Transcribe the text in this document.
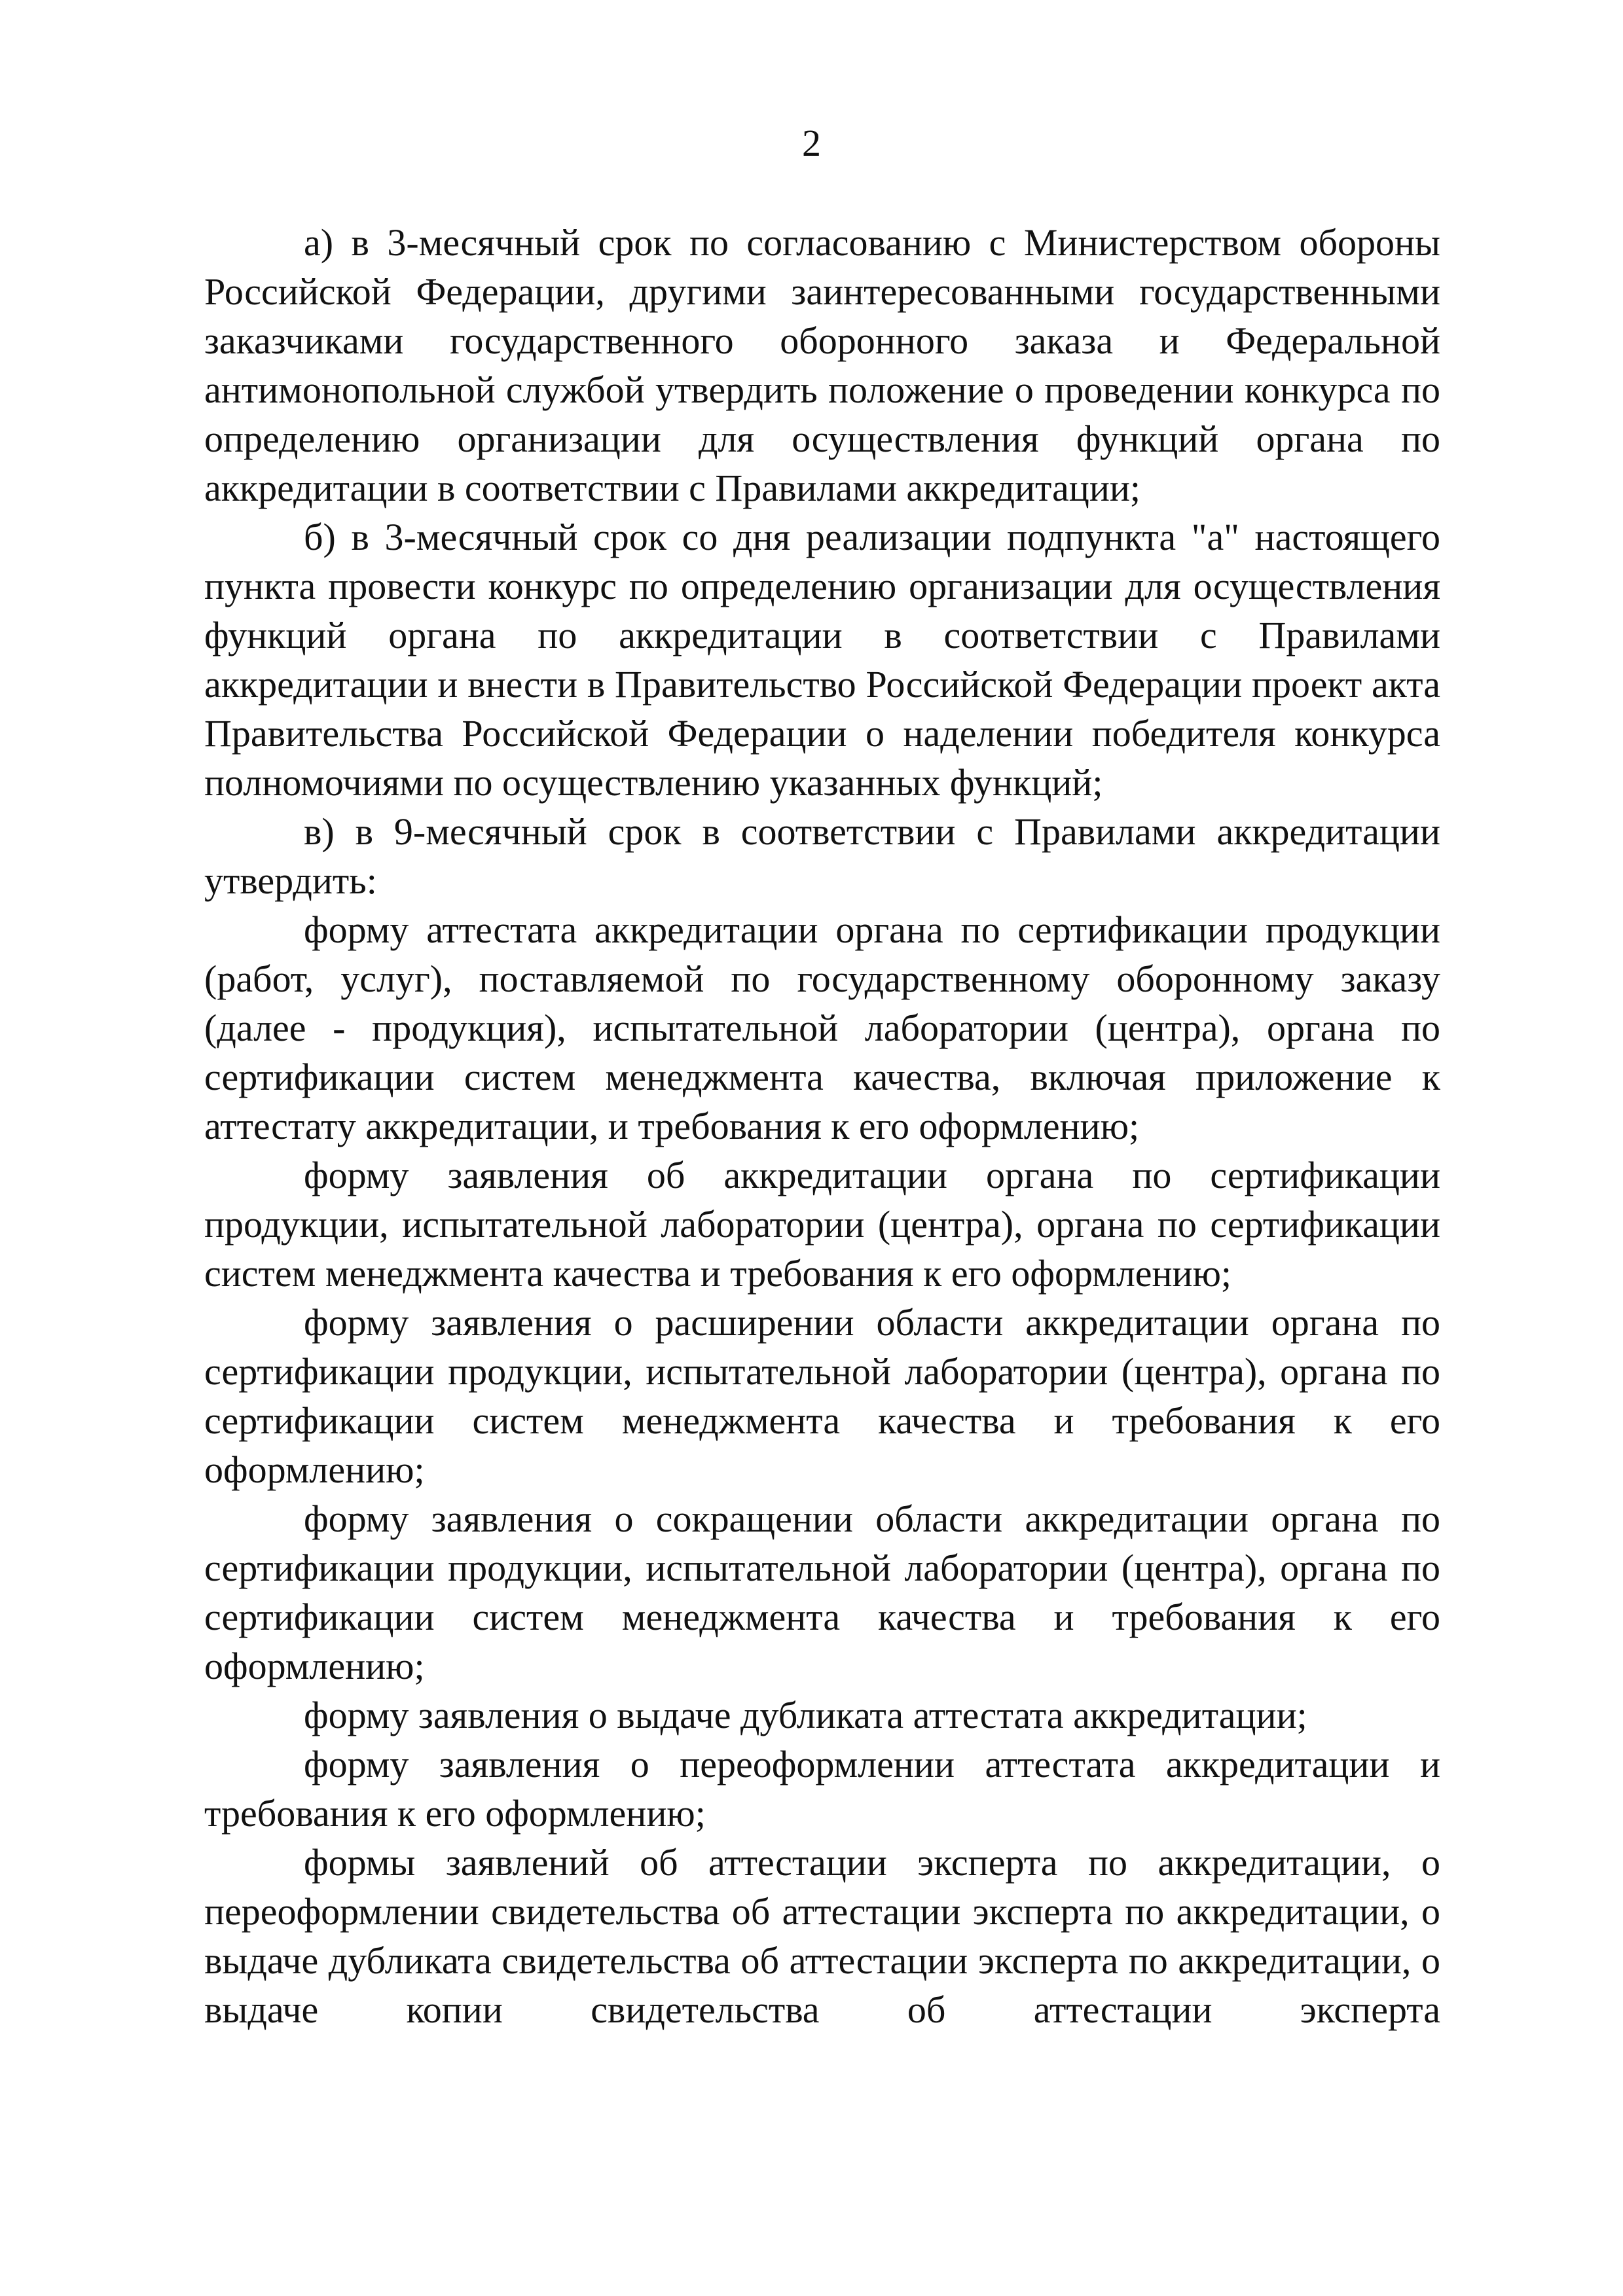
2

а) в 3-месячный срок по согласованию с Министерством обороны Российской Федерации, другими заинтересованными государственными заказчиками государственного оборонного заказа и Федеральной антимонопольной службой утвердить положение о проведении конкурса по определению организации для осуществления функций органа по аккредитации в соответствии с Правилами аккредитации;

б) в 3-месячный срок со дня реализации подпункта "а" настоящего пункта провести конкурс по определению организации для осуществления функций органа по аккредитации в соответствии с Правилами аккредитации и внести в Правительство Российской Федерации проект акта Правительства Российской Федерации о наделении победителя конкурса полномочиями по осуществлению указанных функций;

в) в 9-месячный срок в соответствии с Правилами аккредитации утвердить:

форму аттестата аккредитации органа по сертификации продукции (работ, услуг), поставляемой по государственному оборонному заказу (далее - продукция), испытательной лаборатории (центра), органа по сертификации систем менеджмента качества, включая приложение к аттестату аккредитации, и требования к его оформлению;

форму заявления об аккредитации органа по сертификации продукции, испытательной лаборатории (центра), органа по сертификации систем менеджмента качества и требования к его оформлению;

форму заявления о расширении области аккредитации органа по сертификации продукции, испытательной лаборатории (центра), органа по сертификации систем менеджмента качества и требования к его оформлению;

форму заявления о сокращении области аккредитации органа по сертификации продукции, испытательной лаборатории (центра), органа по сертификации систем менеджмента качества и требования к его оформлению;

форму заявления о выдаче дубликата аттестата аккредитации;

форму заявления о переоформлении аттестата аккредитации и требования к его оформлению;

формы заявлений об аттестации эксперта по аккредитации, о переоформлении свидетельства об аттестации эксперта по аккредитации, о выдаче дубликата свидетельства об аттестации эксперта по аккредитации, о выдаче копии свидетельства об аттестации эксперта
